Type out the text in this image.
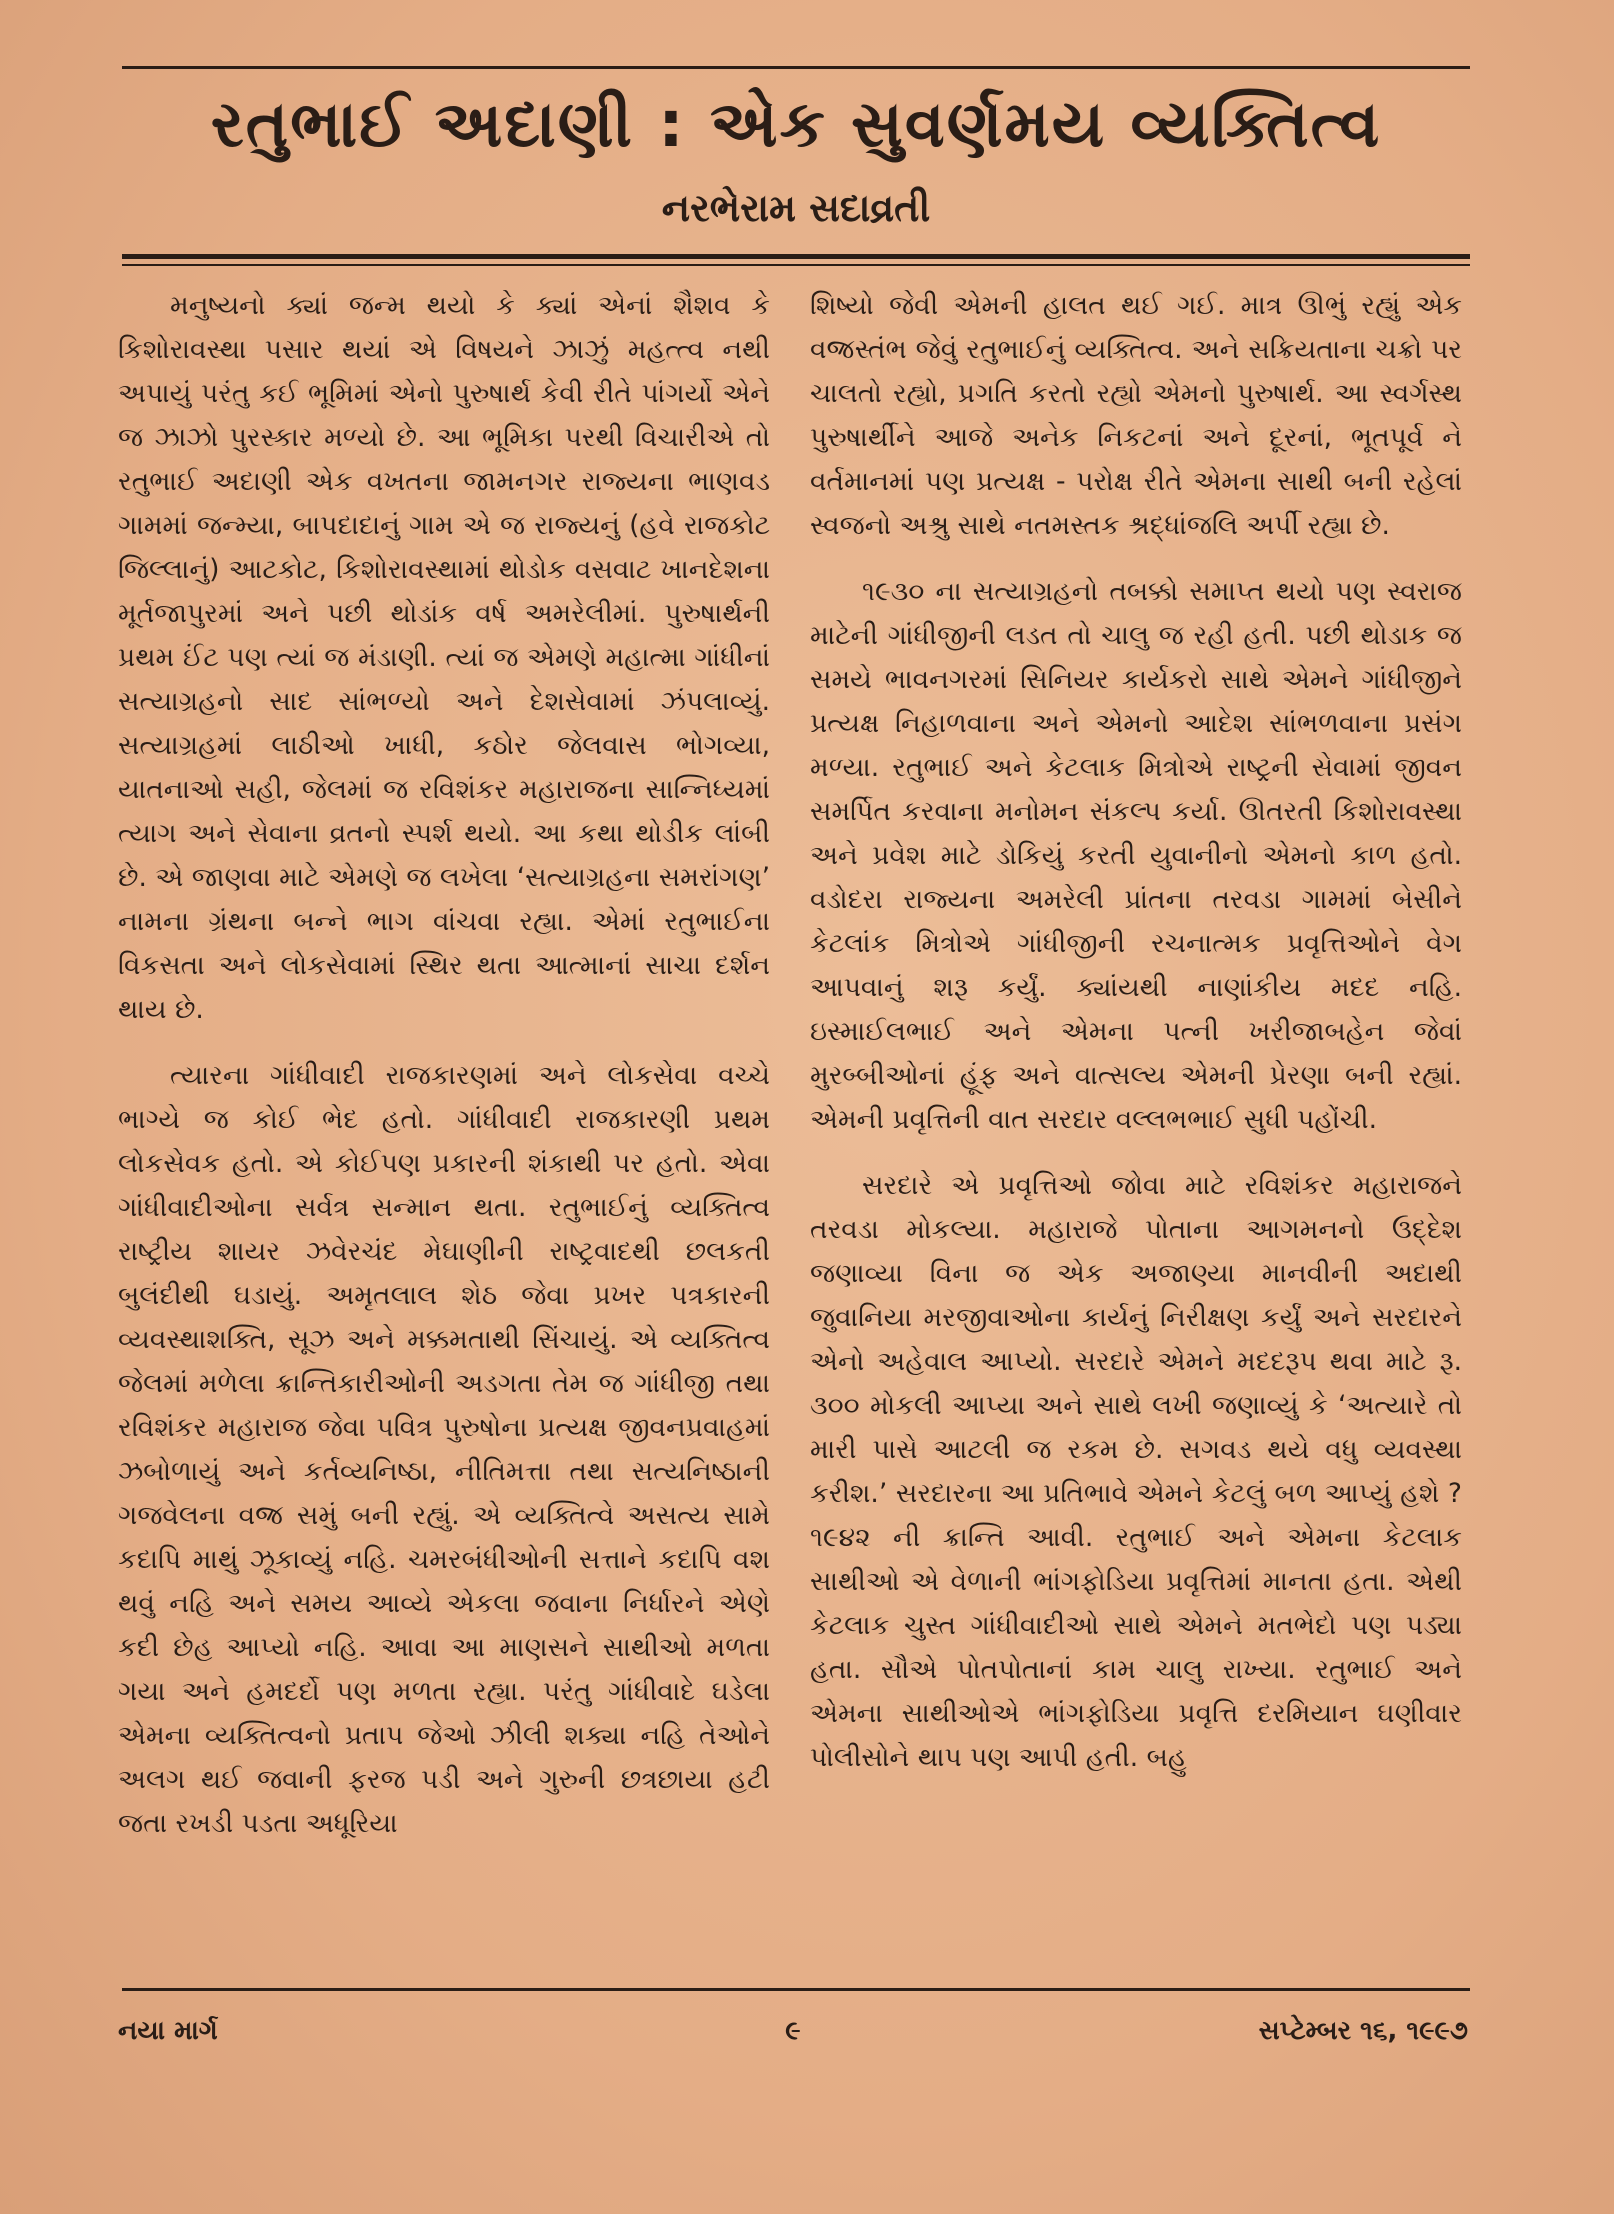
રતુભાઈ અદાણી : એક સુવર્ણમય વ્યક્તિત્વ
નરભેરામ સદાવ્રતી

મનુષ્યનો ક્યાં જન્મ થયો કે ક્યાં એનાં શૈશવ કે કિશોરાવસ્થા પસાર થયાં એ વિષયને ઝાઝું મહત્ત્વ નથી અપાયું પરંતુ કઈ ભૂમિમાં એનો પુરુષાર્થ કેવી રીતે પાંગર્યો એને જ ઝાઝો પુરસ્કાર મળ્યો છે. આ ભૂમિકા પરથી વિચારીએ તો રતુભાઈ અદાણી એક વખતના જામનગર રાજ્યના ભાણવડ ગામમાં જન્મ્યા, બાપદાદાનું ગામ એ જ રાજ્યનું (હવે રાજકોટ જિલ્લાનું) આટકોટ, કિશોરાવસ્થામાં થોડોક વસવાટ ખાનદેશના મૂર્તજાપુરમાં અને પછી થોડાંક વર્ષ અમરેલીમાં. પુરુષાર્થની પ્રથમ ઈંટ પણ ત્યાં જ મંડાણી. ત્યાં જ એમણે મહાત્મા ગાંધીનાં સત્યાગ્રહનો સાદ સાંભળ્યો અને દેશસેવામાં ઝંપલાવ્યું. સત્યાગ્રહમાં લાઠીઓ ખાધી, કઠોર જેલવાસ ભોગવ્યા, યાતનાઓ સહી, જેલમાં જ રવિશંકર મહારાજના સાન્નિધ્યમાં ત્યાગ અને સેવાના વ્રતનો સ્પર્શ થયો. આ કથા થોડીક લાંબી છે. એ જાણવા માટે એમણે જ લખેલા ‘સત્યાગ્રહના સમરાંગણ’ નામના ગ્રંથના બન્ને ભાગ વાંચવા રહ્યા. એમાં રતુભાઈના વિકસતા અને લોકસેવામાં સ્થિર થતા આત્માનાં સાચા દર્શન થાય છે.

ત્યારના ગાંધીવાદી રાજકારણમાં અને લોકસેવા વચ્ચે ભાગ્યે જ કોઈ ભેદ હતો. ગાંધીવાદી રાજકારણી પ્રથમ લોકસેવક હતો. એ કોઈપણ પ્રકારની શંકાથી પર હતો. એવા ગાંધીવાદીઓના સર્વત્ર સન્માન થતા. રતુભાઈનું વ્યક્તિત્વ રાષ્ટ્રીય શાયર ઝવેરચંદ મેઘાણીની રાષ્ટ્રવાદથી છલકતી બુલંદીથી ઘડાયું. અમૃતલાલ શેઠ જેવા પ્રખર પત્રકારની વ્યવસ્થાશક્તિ, સૂઝ અને મક્કમતાથી સિંચાયું. એ વ્યક્તિત્વ જેલમાં મળેલા ક્રાન્તિકારીઓની અડગતા તેમ જ ગાંધીજી તથા રવિશંકર મહારાજ જેવા પવિત્ર પુરુષોના પ્રત્યક્ષ જીવનપ્રવાહમાં ઝબોળાયું અને કર્તવ્યનિષ્ઠા, નીતિમત્તા તથા સત્યનિષ્ઠાની ગજવેલના વજ્ર સમું બની રહ્યું. એ વ્યક્તિત્વે અસત્ય સામે કદાપિ માથું ઝૂકાવ્યું નહિ. ચમરબંધીઓની સત્તાને કદાપિ વશ થવું નહિ અને સમય આવ્યે એકલા જવાના નિર્ધારને એણે કદી છેહ આપ્યો નહિ. આવા આ માણસને સાથીઓ મળતા ગયા અને હમદર્દો પણ મળતા રહ્યા. પરંતુ ગાંધીવાદે ઘડેલા એમના વ્યક્તિત્વનો પ્રતાપ જેઓ ઝીલી શક્યા નહિ તેઓને અલગ થઈ જવાની ફરજ પડી અને ગુરુની છત્રછાયા હટી જતા રખડી પડતા અધૂરિયા

શિષ્યો જેવી એમની હાલત થઈ ગઈ. માત્ર ઊભું રહ્યું એક વજ્રસ્તંભ જેવું રતુભાઈનું વ્યક્તિત્વ. અને સક્રિયતાના ચક્રો પર ચાલતો રહ્યો, પ્રગતિ કરતો રહ્યો એમનો પુરુષાર્થ. આ સ્વર્ગસ્થ પુરુષાર્થીને આજે અનેક નિકટનાં અને દૂરનાં, ભૂતપૂર્વ ને વર્તમાનમાં પણ પ્રત્યક્ષ - પરોક્ષ રીતે એમના સાથી બની રહેલાં સ્વજનો અશ્રુ સાથે નતમસ્તક શ્રદ્ધાંજલિ અર્પી રહ્યા છે.

૧૯૩૦ ના સત્યાગ્રહનો તબક્કો સમાપ્ત થયો પણ સ્વરાજ માટેની ગાંધીજીની લડત તો ચાલુ જ રહી હતી. પછી થોડાક જ સમયે ભાવનગરમાં સિનિયર કાર્યકરો સાથે એમને ગાંધીજીને પ્રત્યક્ષ નિહાળવાના અને એમનો આદેશ સાંભળવાના પ્રસંગ મળ્યા. રતુભાઈ અને કેટલાક મિત્રોએ રાષ્ટ્રની સેવામાં જીવન સમર્પિત કરવાના મનોમન સંકલ્પ કર્યા. ઊતરતી કિશોરાવસ્થા અને પ્રવેશ માટે ડોકિયું કરતી યુવાનીનો એમનો કાળ હતો. વડોદરા રાજ્યના અમરેલી પ્રાંતના તરવડા ગામમાં બેસીને કેટલાંક મિત્રોએ ગાંધીજીની રચનાત્મક પ્રવૃત્તિઓને વેગ આપવાનું શરૂ કર્યું. ક્યાંયથી નાણાંકીય મદદ નહિ. ઇસ્માઈલભાઈ અને એમના પત્ની ખરીજાબહેન જેવાં મુરબ્બીઓનાં હૂંફ અને વાત્સલ્ય એમની પ્રેરણા બની રહ્યાં. એમની પ્રવૃત્તિની વાત સરદાર વલ્લભભાઈ સુધી પહોંચી.

સરદારે એ પ્રવૃત્તિઓ જોવા માટે રવિશંકર મહારાજને તરવડા મોકલ્યા. મહારાજે પોતાના આગમનનો ઉદ્દેશ જણાવ્યા વિના જ એક અજાણ્યા માનવીની અદાથી જુવાનિયા મરજીવાઓના કાર્યનું નિરીક્ષણ કર્યું અને સરદારને એનો અહેવાલ આપ્યો. સરદારે એમને મદદરૂપ થવા માટે રૂ. ૩૦૦ મોકલી આપ્યા અને સાથે લખી જણાવ્યું કે ‘અત્યારે તો મારી પાસે આટલી જ રકમ છે. સગવડ થયે વધુ વ્યવસ્થા કરીશ.’ સરદારના આ પ્રતિભાવે એમને કેટલું બળ આપ્યું હશે ? ૧૯૪૨ ની ક્રાન્તિ આવી. રતુભાઈ અને એમના કેટલાક સાથીઓ એ વેળાની ભાંગફોડિયા પ્રવૃત્તિમાં માનતા હતા. એથી કેટલાક ચુસ્ત ગાંધીવાદીઓ સાથે એમને મતભેદો પણ પડ્યા હતા. સૌએ પોતપોતાનાં કામ ચાલુ રાખ્યા. રતુભાઈ અને એમના સાથીઓએ ભાંગફોડિયા પ્રવૃત્તિ દરમિયાન ઘણીવાર પોલીસોને થાપ પણ આપી હતી. બહુ

નયા માર્ગ	૯	સપ્ટેમ્બર ૧૬, ૧૯૯૭
